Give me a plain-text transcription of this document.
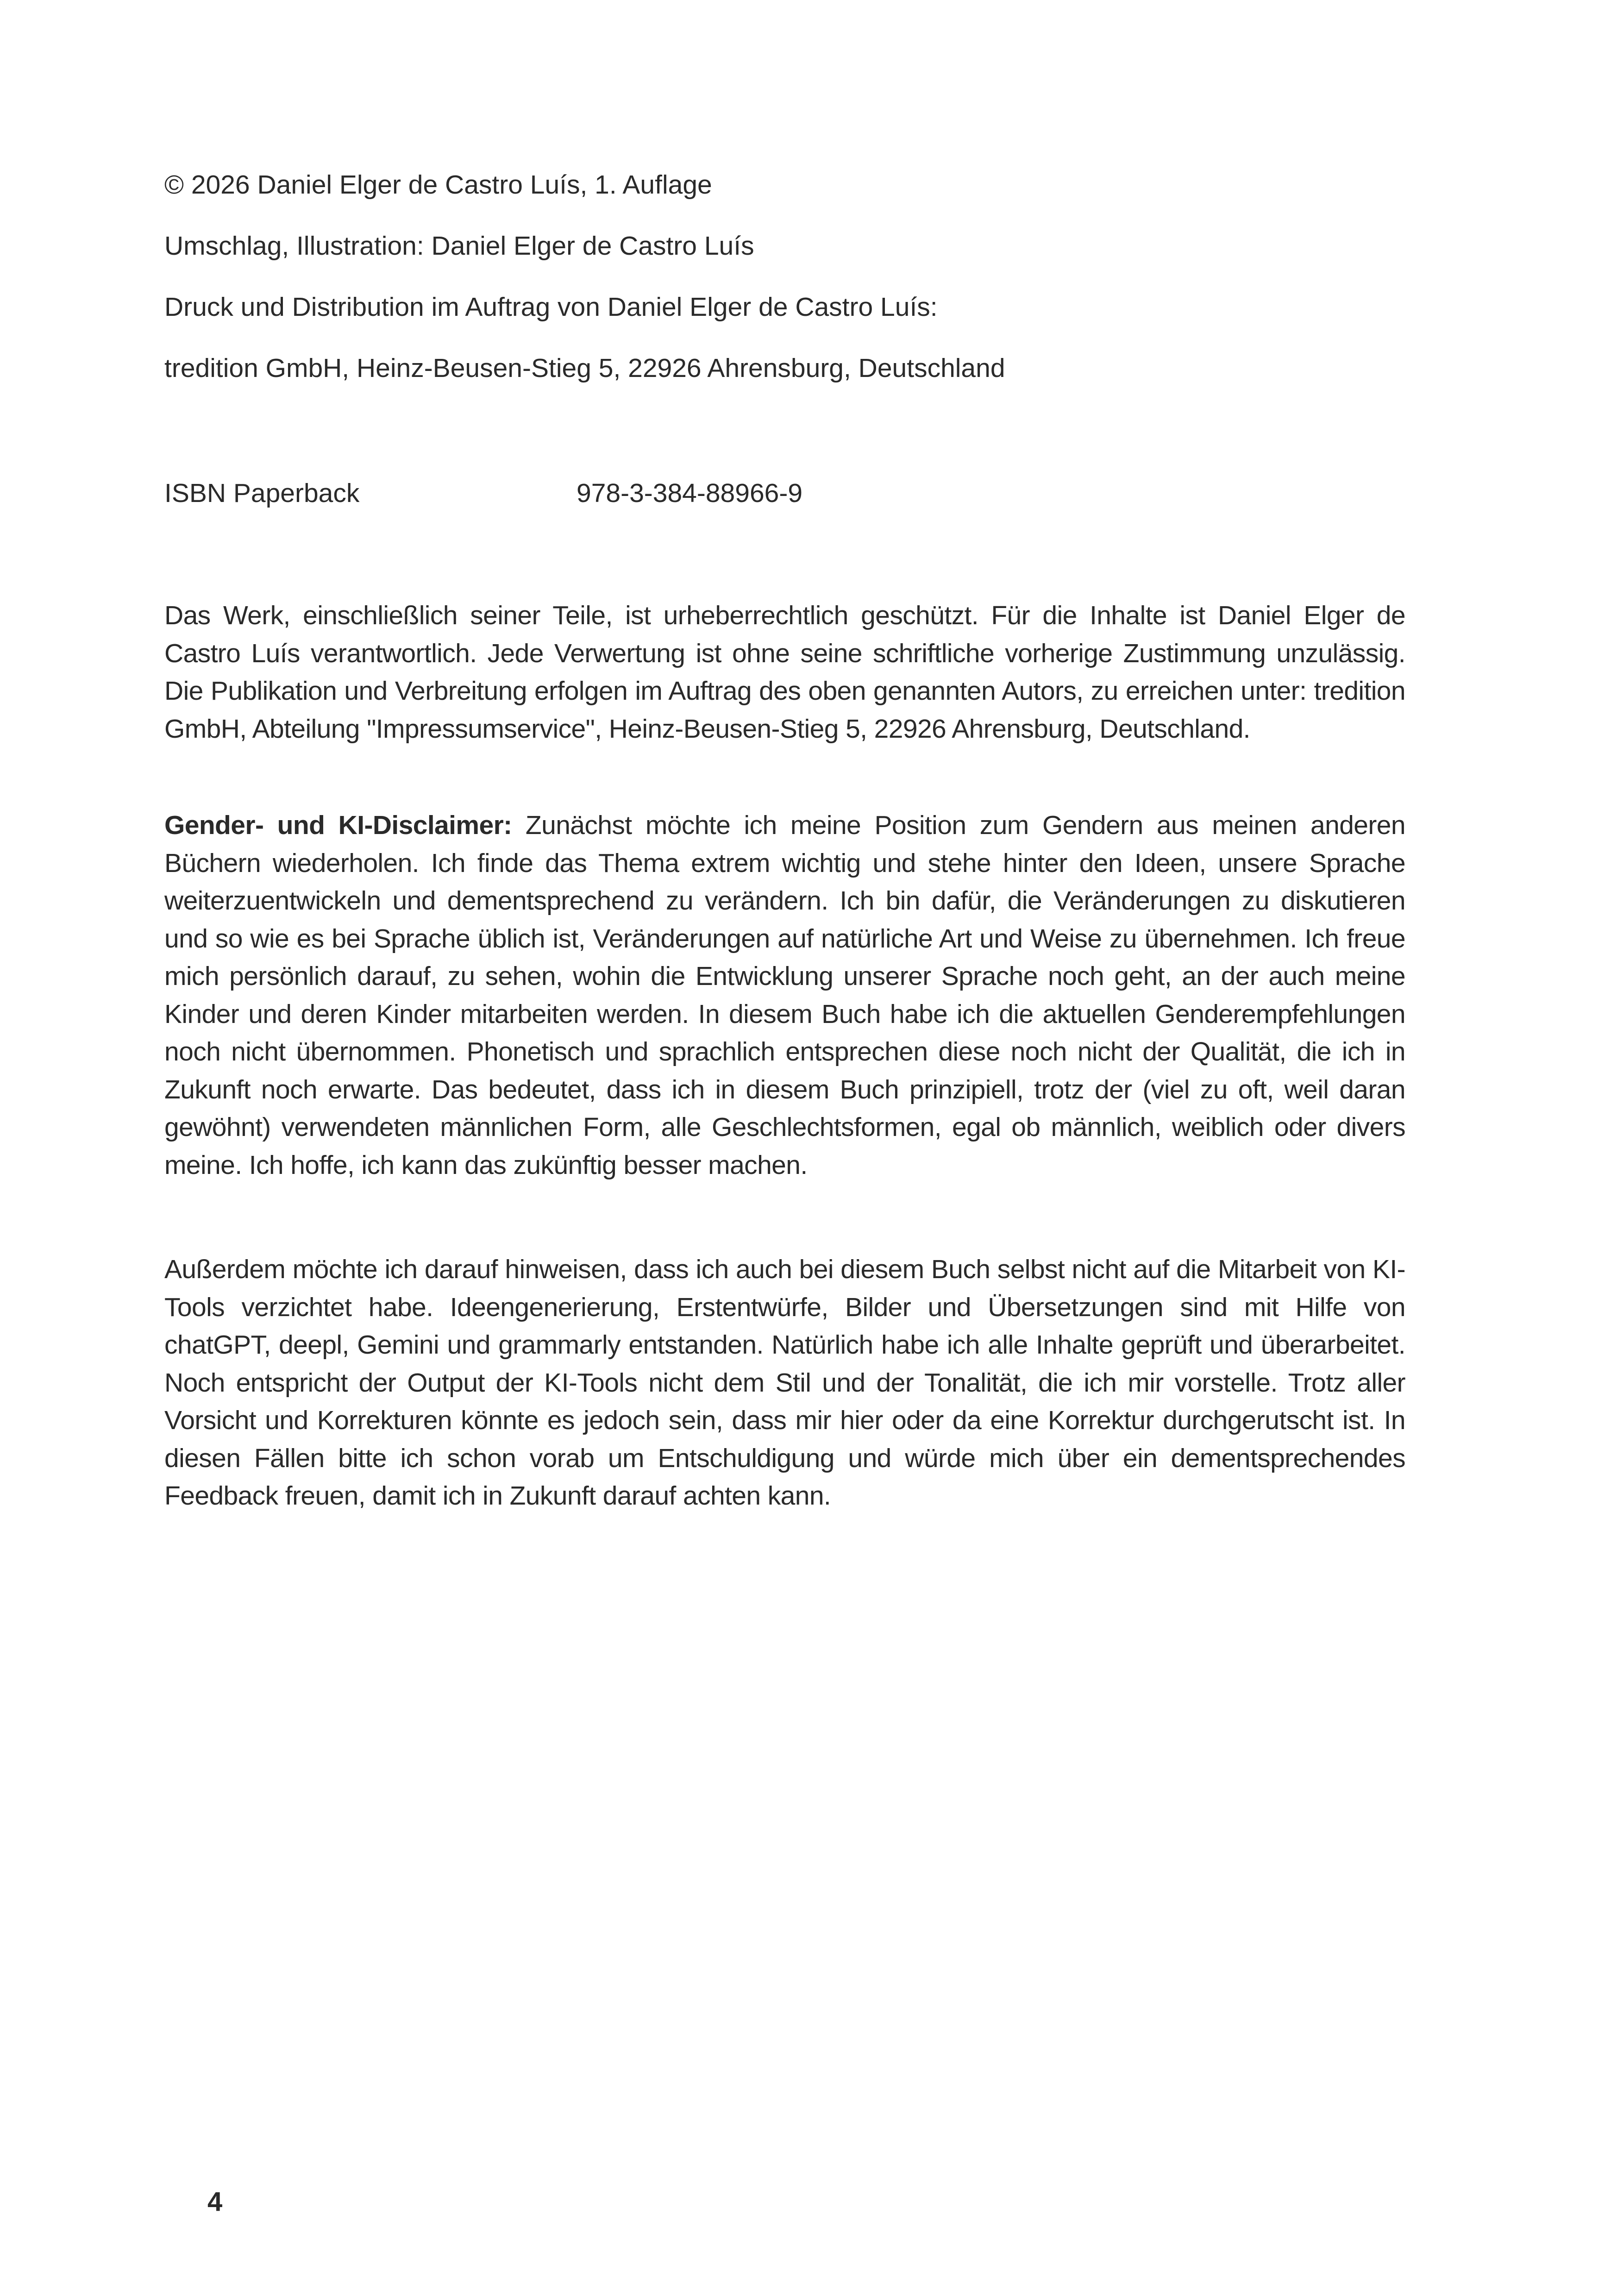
© 2026 Daniel Elger de Castro Luís, 1. Auflage
Umschlag, Illustration: Daniel Elger de Castro Luís
Druck und Distribution im Auftrag von Daniel Elger de Castro Luís:
tredition GmbH, Heinz-Beusen-Stieg 5, 22926 Ahrensburg, Deutschland
ISBN Paperback	978-3-384-88966-9

Das Werk, einschließlich seiner Teile, ist urheberrechtlich geschützt. Für die Inhalte ist Daniel Elger de Castro Luís verantwortlich. Jede Verwertung ist ohne seine schriftliche vorherige Zustimmung unzulässig. Die Publikation und Verbreitung erfolgen im Auftrag des oben genannten Autors, zu erreichen unter: tredition GmbH, Abteilung "Impressumservice", Heinz-Beusen-Stieg 5, 22926 Ahrensburg, Deutschland.

Gender- und KI-Disclaimer: Zunächst möchte ich meine Position zum Gendern aus meinen anderen Büchern wiederholen. Ich finde das Thema extrem wichtig und stehe hinter den Ideen, unsere Sprache weiterzuentwickeln und dementsprechend zu verändern. Ich bin dafür, die Veränderungen zu diskutieren und so wie es bei Sprache üblich ist, Veränderungen auf natürliche Art und Weise zu übernehmen. Ich freue mich persönlich darauf, zu sehen, wohin die Entwicklung unserer Sprache noch geht, an der auch meine Kinder und deren Kinder mitarbeiten werden. In diesem Buch habe ich die aktuellen Genderempfehlungen noch nicht übernommen. Phonetisch und sprachlich entsprechen diese noch nicht der Qualität, die ich in Zukunft noch erwarte. Das bedeutet, dass ich in diesem Buch prinzipiell, trotz der (viel zu oft, weil daran gewöhnt) verwendeten männlichen Form, alle Geschlechtsformen, egal ob männlich, weiblich oder divers meine. Ich hoffe, ich kann das zukünftig besser machen.

Außerdem möchte ich darauf hinweisen, dass ich auch bei diesem Buch selbst nicht auf die Mitarbeit von KI-Tools verzichtet habe. Ideengenerierung, Erstentwürfe, Bilder und Übersetzungen sind mit Hilfe von chatGPT, deepl, Gemini und grammarly entstanden. Natürlich habe ich alle Inhalte geprüft und überarbeitet. Noch entspricht der Output der KI-Tools nicht dem Stil und der Tonalität, die ich mir vorstelle. Trotz aller Vorsicht und Korrekturen könnte es jedoch sein, dass mir hier oder da eine Korrektur durchgerutscht ist. In diesen Fällen bitte ich schon vorab um Entschuldigung und würde mich über ein dementsprechendes Feedback freuen, damit ich in Zukunft darauf achten kann.

4
